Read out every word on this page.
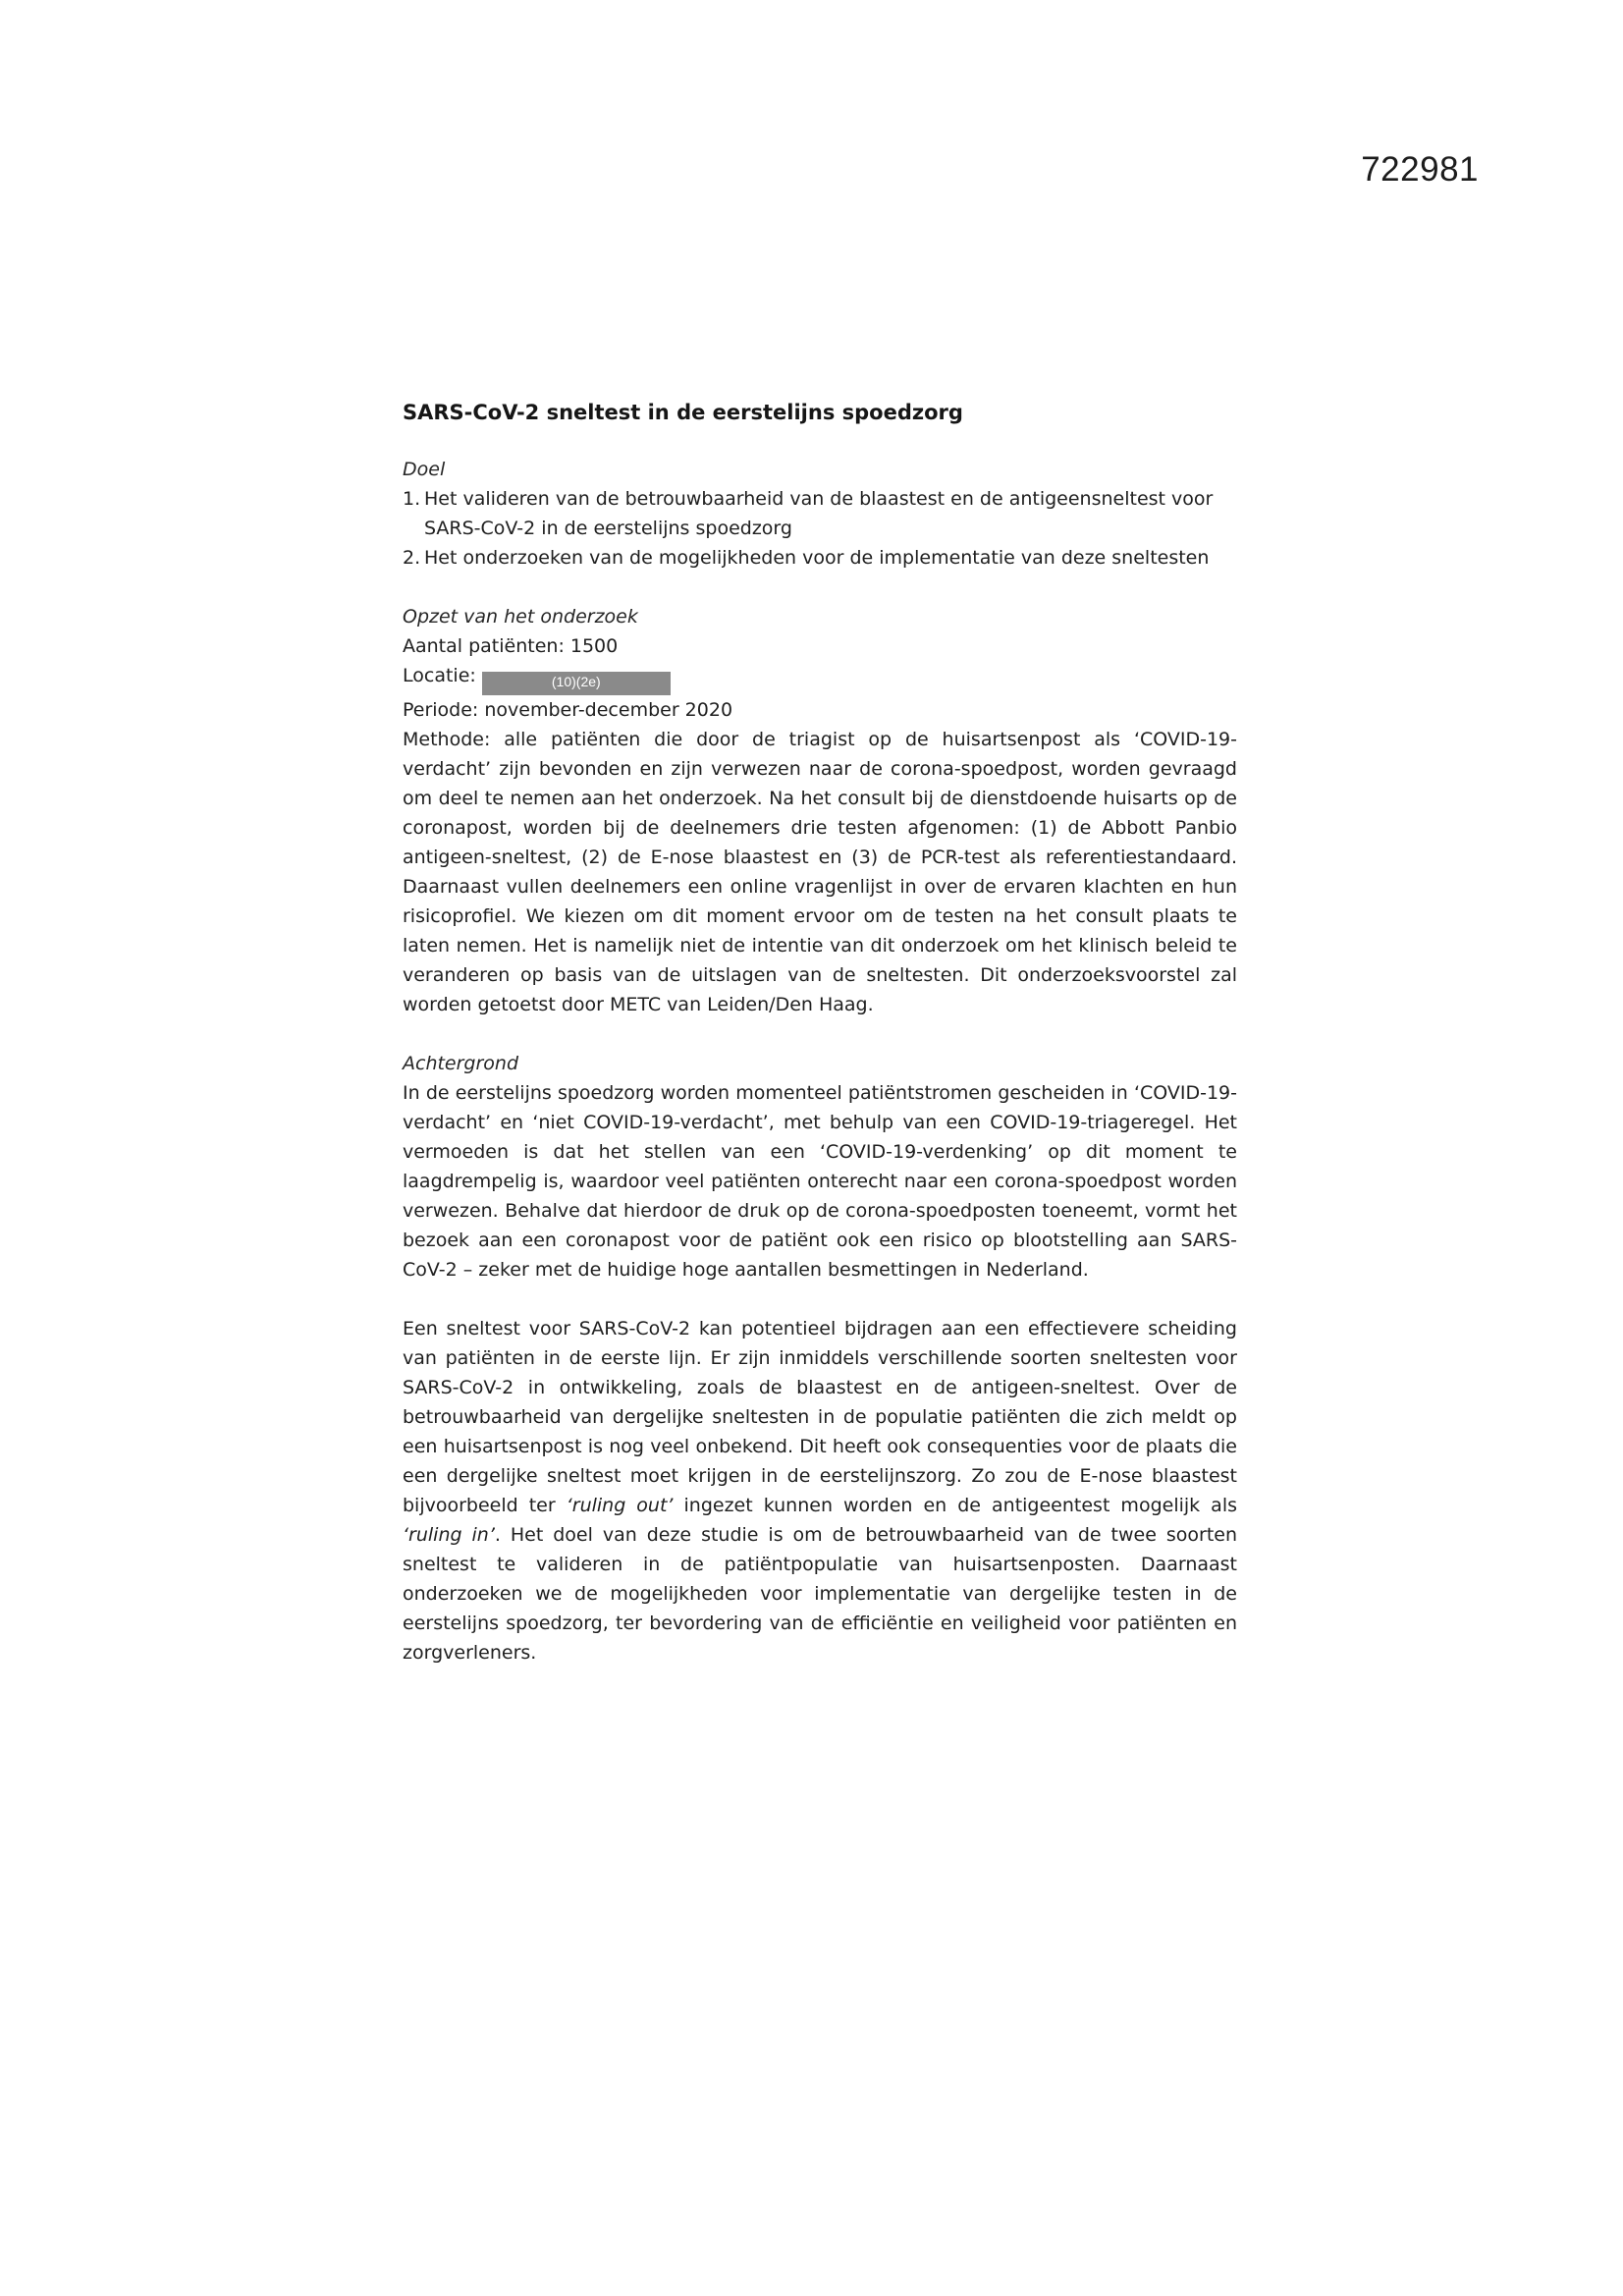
722981

SARS-CoV-2 sneltest in de eerstelijns spoedzorg

Doel

1. Het valideren van de betrouwbaarheid van de blaastest en de antigeensneltest voor SARS-CoV-2 in de eerstelijns spoedzorg
2. Het onderzoeken van de mogelijkheden voor de implementatie van deze sneltesten

Opzet van het onderzoek

Aantal patiënten: 1500

Locatie:	(10)(2e)

Periode: november-december 2020

Methode: alle patiënten die door de triagist op de huisartsenpost als ‘COVID-19-verdacht’ zijn bevonden en zijn verwezen naar de corona-spoedpost, worden gevraagd om deel te nemen aan het onderzoek. Na het consult bij de dienstdoende huisarts op de coronapost, worden bij de deelnemers drie testen afgenomen: (1) de Abbott Panbio antigeen-sneltest, (2) de E-nose blaastest en (3) de PCR-test als referentiestandaard. Daarnaast vullen deelnemers een online vragenlijst in over de ervaren klachten en hun risicoprofiel. We kiezen om dit moment ervoor om de testen na het consult plaats te laten nemen. Het is namelijk niet de intentie van dit onderzoek om het klinisch beleid te veranderen op basis van de uitslagen van de sneltesten. Dit onderzoeksvoorstel zal worden getoetst door METC van Leiden/Den Haag.

Achtergrond

In de eerstelijns spoedzorg worden momenteel patiëntstromen gescheiden in ‘COVID-19-verdacht’ en ‘niet COVID-19-verdacht’, met behulp van een COVID-19-triageregel. Het vermoeden is dat het stellen van een ‘COVID-19-verdenking’ op dit moment te laagdrempelig is, waardoor veel patiënten onterecht naar een corona-spoedpost worden verwezen. Behalve dat hierdoor de druk op de corona-spoedposten toeneemt, vormt het bezoek aan een coronapost voor de patiënt ook een risico op blootstelling aan SARS-CoV-2 – zeker met de huidige hoge aantallen besmettingen in Nederland.

Een sneltest voor SARS-CoV-2 kan potentieel bijdragen aan een effectievere scheiding van patiënten in de eerste lijn. Er zijn inmiddels verschillende soorten sneltesten voor SARS-CoV-2 in ontwikkeling, zoals de blaastest en de antigeen-sneltest. Over de betrouwbaarheid van dergelijke sneltesten in de populatie patiënten die zich meldt op een huisartsenpost is nog veel onbekend. Dit heeft ook consequenties voor de plaats die een dergelijke sneltest moet krijgen in de eerstelijnszorg. Zo zou de E-nose blaastest bijvoorbeeld ter ‘ruling out’ ingezet kunnen worden en de antigeentest mogelijk als ‘ruling in’. Het doel van deze studie is om de betrouwbaarheid van de twee soorten sneltest te valideren in de patiëntpopulatie van huisartsenposten. Daarnaast onderzoeken we de mogelijkheden voor implementatie van dergelijke testen in de eerstelijns spoedzorg, ter bevordering van de efficiëntie en veiligheid voor patiënten en zorgverleners.
